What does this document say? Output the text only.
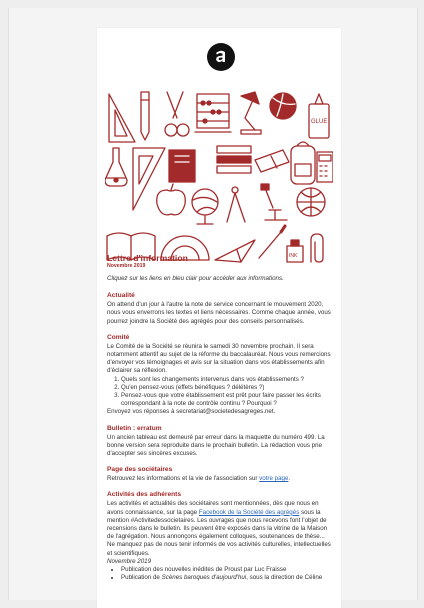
GLUE
INK
Lettre d'information
Novembre 2019

Cliquez sur les liens en bleu clair pour accéder aux informations.

Actualité

On attend d'un jour à l'autre la note de service concernant le mouvement 2020, nous vous enverrons les textes et liens nécessaires. Comme chaque année, vous pourrez joindre la Société des agrégés pour des conseils personnalisés.

Comité

Le Comité de la Société se réunira le samedi 30 novembre prochain. Il sera notamment attentif au sujet de la réforme du baccalauréat. Nous vous remercions d'envoyer vos témoignages et avis sur la situation dans vos établissements afin d'éclairer sa réflexion.

1. Quels sont les changements intervenus dans vos établissements ?
2. Qu'en pensez-vous (effets bénéfiques ? délétères ?)
3. Pensez-vous que votre établissement est prêt pour faire passer les écrits correspondant à la note de contrôle continu ? Pourquoi ?

Envoyez vos réponses à secretariat@societedesagreges.net.

Bulletin : erratum

Un ancien tableau est demeuré par erreur dans la maquette du numéro 499. La bonne version sera reproduite dans le prochain bulletin. La rédaction vous prie d'accepter ses sincères excuses.

Page des sociétaires

Retrouvez les informations et la vie de l'association sur votre page.

Activités des adhérents

Les activités et actualités des sociétaires sont mentionnées, dès que nous en avons connaissance, sur la page Facebook de la Société des agrégés sous la mention #Activitedessocietaires. Les ouvrages que nous recevons font l'objet de recensions dans le bulletin. Ils peuvent être exposés dans la vitrine de la Maison de l'agrégation. Nous annonçons également colloques, soutenances de thèse... Ne manquez pas de nous tenir informés de vos activités culturelles, intellectuelles et scientifiques.

Novembre 2019
• Publication des nouvelles inédites de Proust par Luc Fraisse
• Publication de Scènes baroques d'aujourd'hui, sous la direction de Céline
